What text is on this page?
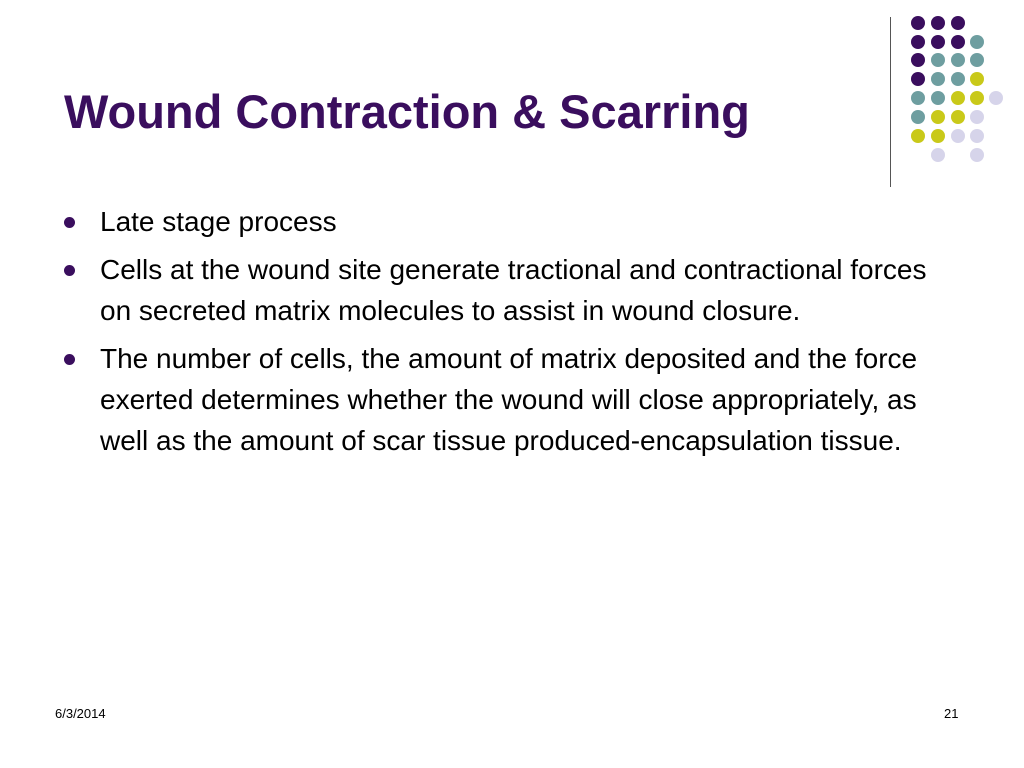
Wound Contraction & Scarring
Late stage process
Cells at the wound site generate tractional and contractional forces on secreted matrix molecules to assist in wound closure.
The number of cells, the amount of matrix deposited and the force exerted determines whether the wound will close appropriately, as well as the amount of scar tissue produced-encapsulation tissue.
6/3/2014	21
